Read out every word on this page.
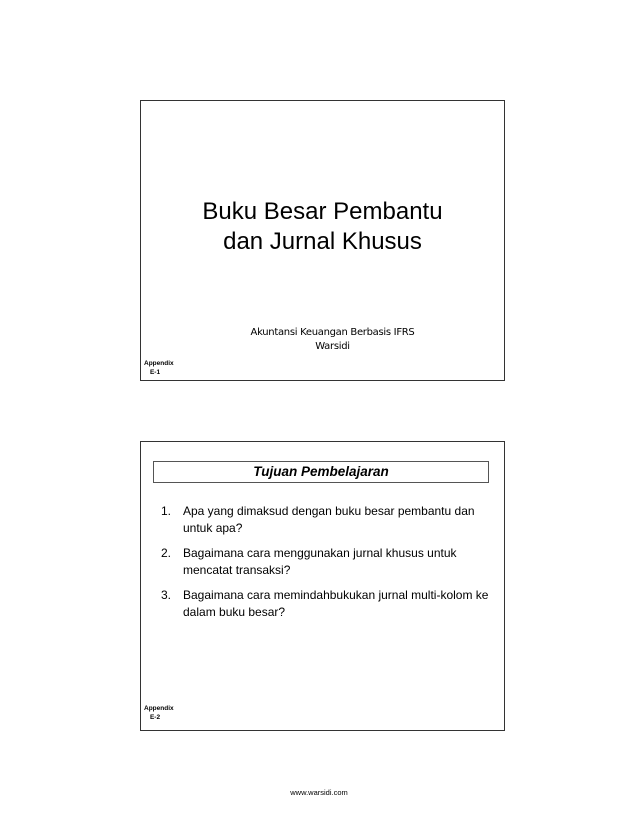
Buku Besar Pembantu
dan Jurnal Khusus
Akuntansi Keuangan Berbasis IFRS
Warsidi
Appendix
E-1
Tujuan Pembelajaran
1. Apa yang dimaksud dengan buku besar pembantu dan untuk apa?
2. Bagaimana cara menggunakan jurnal khusus untuk mencatat transaksi?
3. Bagaimana cara memindahbukukan jurnal multi-kolom ke dalam buku besar?
Appendix
E-2
www.warsidi.com
